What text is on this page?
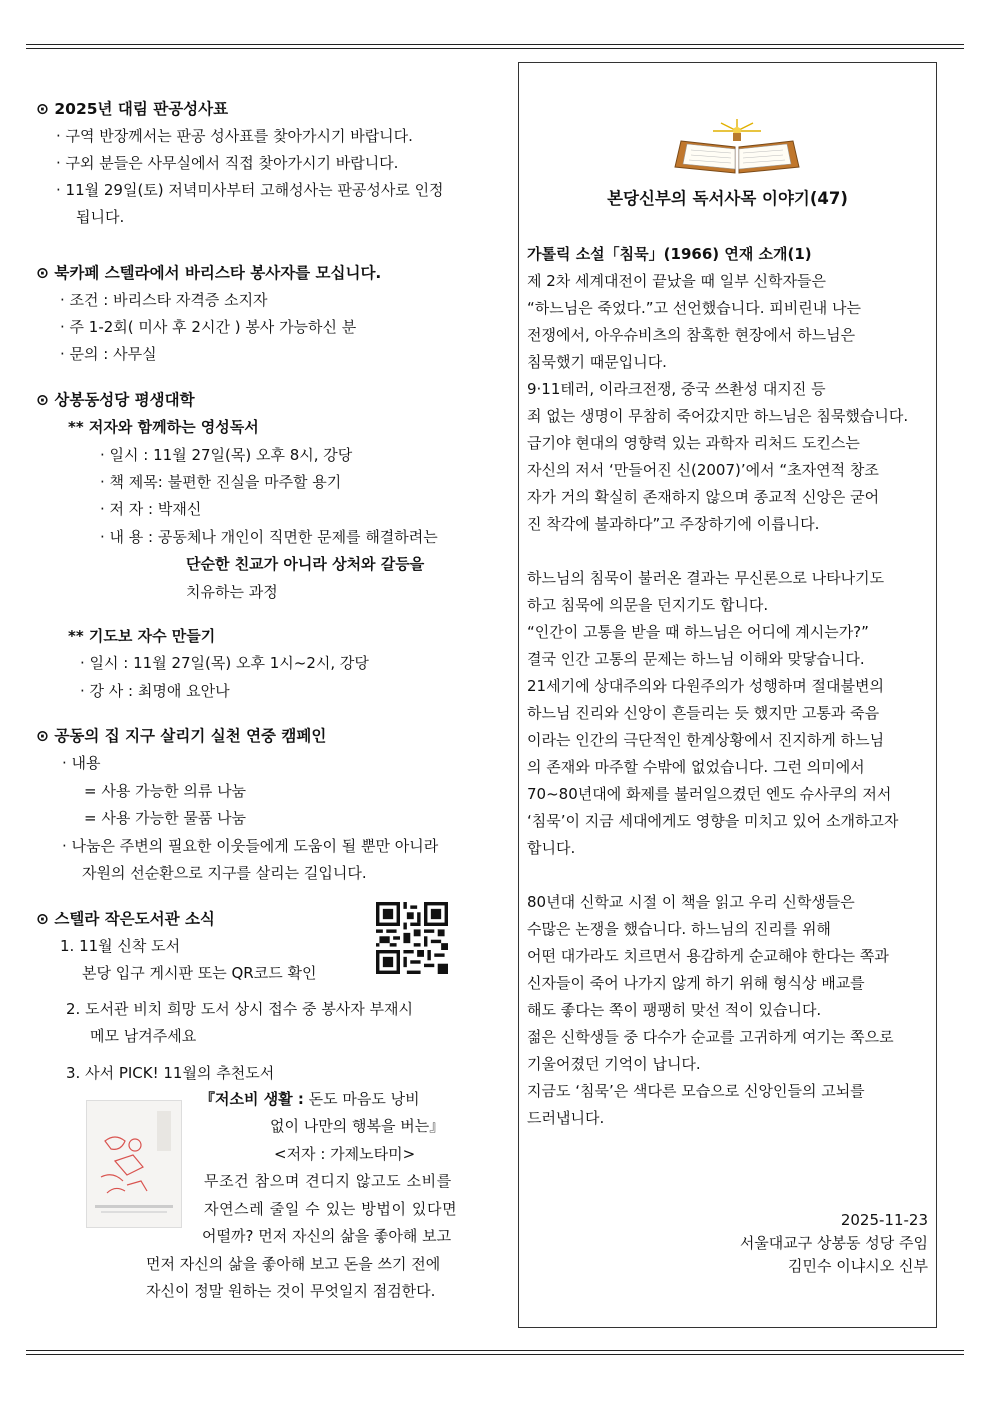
⊙ 2025년 대림 판공성사표
· 구역 반장께서는 판공 성사표를 찾아가시기 바랍니다.
· 구외 분들은 사무실에서 직접 찾아가시기 바랍니다.
· 11월 29일(토) 저녁미사부터 고해성사는 판공성사로 인정
됩니다.
⊙ 북카페 스텔라에서 바리스타 봉사자를 모십니다.
· 조건 : 바리스타 자격증 소지자
· 주 1-2회( 미사 후 2시간 ) 봉사 가능하신 분
· 문의 : 사무실
⊙ 상봉동성당 평생대학
** 저자와 함께하는 영성독서
· 일시 : 11월 27일(목) 오후 8시, 강당
· 책 제목: 불편한 진실을 마주할 용기
· 저 자 : 박재신
· 내 용 : 공동체나 개인이 직면한 문제를 해결하려는
단순한 친교가 아니라 상처와 갈등을
치유하는 과정
** 기도보 자수 만들기
· 일시 : 11월 27일(목) 오후 1시~2시, 강당
· 강 사 : 최명애 요안나
⊙ 공동의 집 지구 살리기 실천 연중 캠페인
· 내용
= 사용 가능한 의류 나눔
= 사용 가능한 물품 나눔
· 나눔은 주변의 필요한 이웃들에게 도움이 될 뿐만 아니라
자원의 선순환으로 지구를 살리는 길입니다.
⊙ 스텔라 작은도서관 소식
1. 11월 신착 도서
본당 입구 게시판 또는 QR코드 확인
2. 도서관 비치 희망 도서 상시 접수 중 봉사자 부재시
메모 남겨주세요
3. 사서 PICK! 11월의 추천도서
『저소비 생활 : 돈도 마음도 낭비
없이 나만의 행복을 버는』
<저자 : 가제노타미>
무조건 참으며 견디지 않고도 소비를
자연스레 줄일 수 있는 방법이 있다면
어떨까? 먼저 자신의 삶을 좋아해 보고
먼저 자신의 삶을 좋아해 보고 돈을 쓰기 전에
자신이 정말 원하는 것이 무엇일지 점검한다.
본당신부의 독서사목 이야기(47)
가톨릭 소설「침묵」(1966) 연재 소개(1)
제 2차 세계대전이 끝났을 때 일부 신학자들은
“하느님은 죽었다.”고 선언했습니다. 피비린내 나는
전쟁에서, 아우슈비츠의 참혹한 현장에서 하느님은
침묵했기 때문입니다.
9·11테러, 이라크전쟁, 중국 쓰촨성 대지진 등
죄 없는 생명이 무참히 죽어갔지만 하느님은 침묵했습니다.
급기야 현대의 영향력 있는 과학자 리처드 도킨스는
자신의 저서 ‘만들어진 신(2007)’에서 “초자연적 창조
자가 거의 확실히 존재하지 않으며 종교적 신앙은 굳어
진 착각에 불과하다”고 주장하기에 이릅니다.
하느님의 침묵이 불러온 결과는 무신론으로 나타나기도
하고 침묵에 의문을 던지기도 합니다.
“인간이 고통을 받을 때 하느님은 어디에 계시는가?”
결국 인간 고통의 문제는 하느님 이해와 맞닿습니다.
21세기에 상대주의와 다원주의가 성행하며 절대불변의
하느님 진리와 신앙이 흔들리는 듯 했지만 고통과 죽음
이라는 인간의 극단적인 한계상황에서 진지하게 하느님
의 존재와 마주할 수밖에 없었습니다. 그런 의미에서
70~80년대에 화제를 불러일으켰던 엔도 슈사쿠의 저서
‘침묵’이 지금 세대에게도 영향을 미치고 있어 소개하고자
합니다.
80년대 신학교 시절 이 책을 읽고 우리 신학생들은
수많은 논쟁을 했습니다. 하느님의 진리를 위해
어떤 대가라도 치르면서 용감하게 순교해야 한다는 쪽과
신자들이 죽어 나가지 않게 하기 위해 형식상 배교를
해도 좋다는 쪽이 팽팽히 맞선 적이 있습니다.
젊은 신학생들 중 다수가 순교를 고귀하게 여기는 쪽으로
기울어졌던 기억이 납니다.
지금도 ‘침묵’은 색다른 모습으로 신앙인들의 고뇌를
드러냅니다.
2025-11-23
서울대교구 상봉동 성당 주임
김민수 이냐시오 신부
